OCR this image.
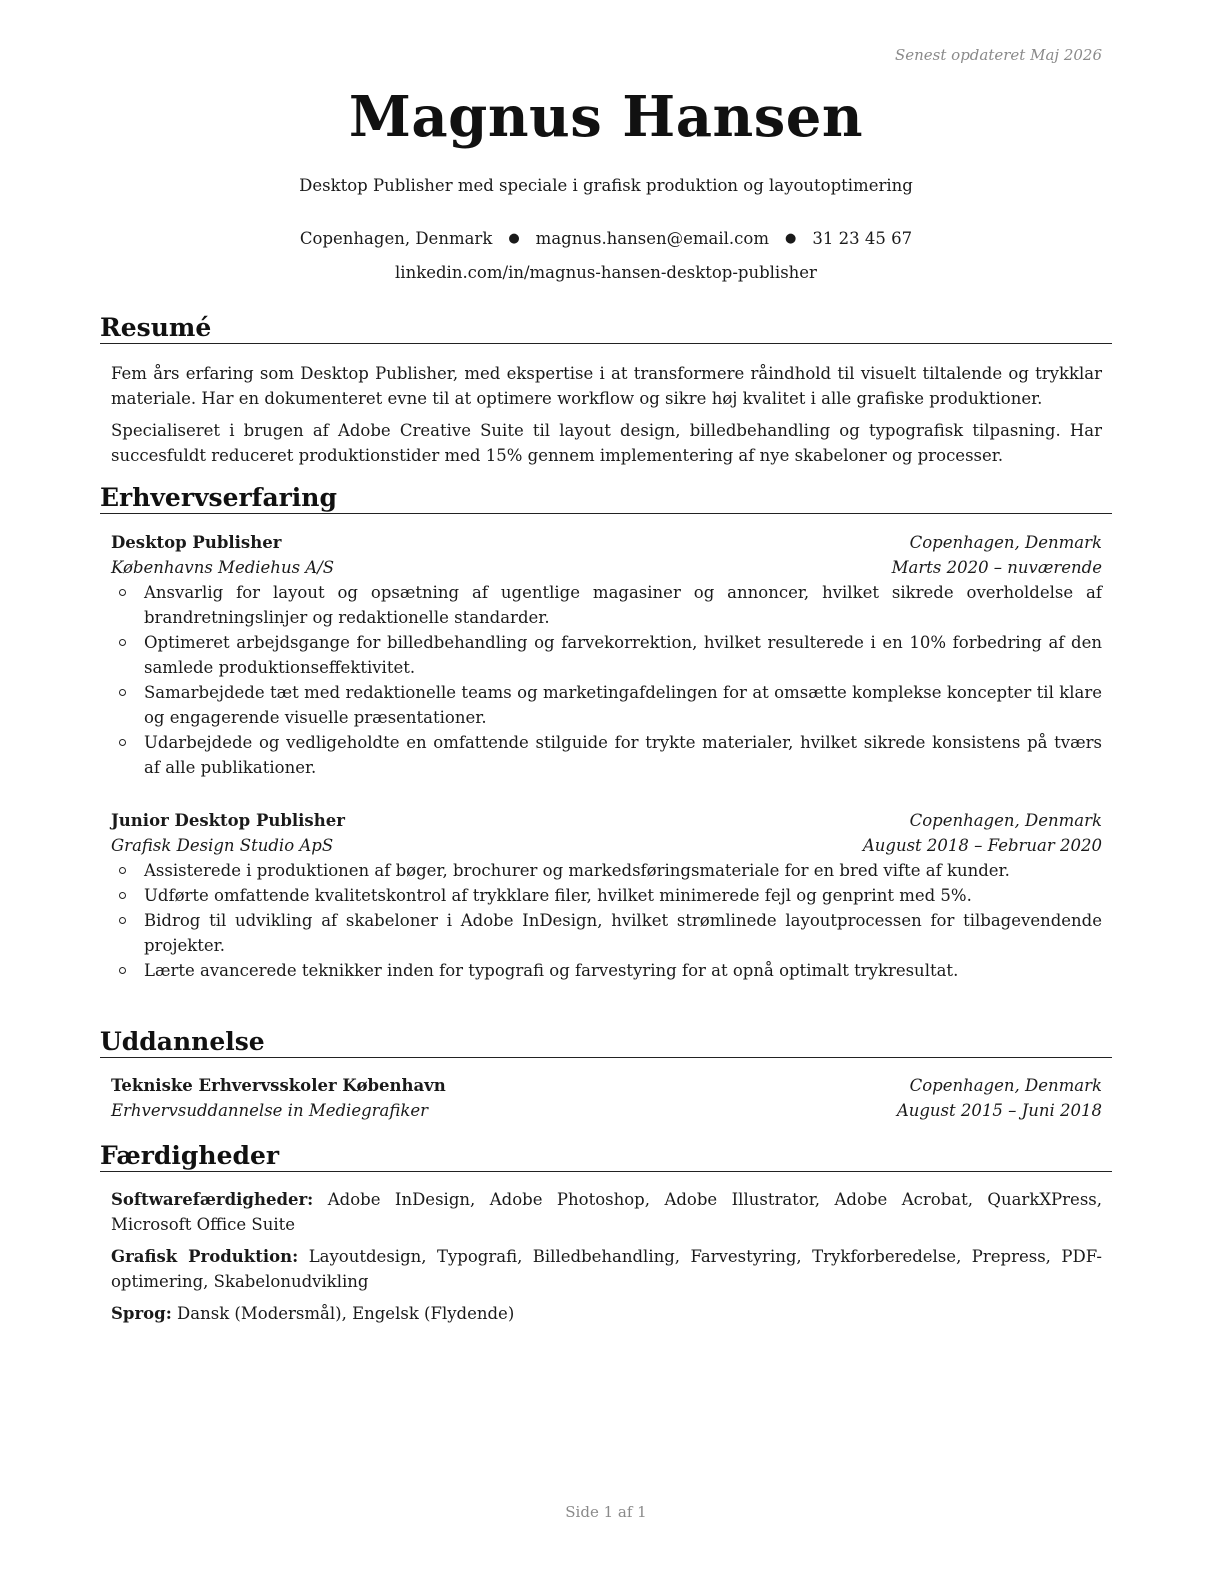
Senest opdateret Maj 2026
Magnus Hansen
Desktop Publisher med speciale i grafisk produktion og layoutoptimering
Copenhagen, Denmark ● magnus.hansen@email.com ● 31 23 45 67
linkedin.com/in/magnus-hansen-desktop-publisher
Resumé

Fem års erfaring som Desktop Publisher, med ekspertise i at transformere råindhold til visuelt tiltalende og trykklar materiale. Har en dokumenteret evne til at optimere workflow og sikre høj kvalitet i alle grafiske produktioner.

Specialiseret i brugen af Adobe Creative Suite til layout design, billedbehandling og typografisk tilpasning. Har succesfuldt reduceret produktionstider med 15% gennem implementering af nye skabeloner og processer.

Erhvervserfaring
Desktop Publisher	Copenhagen, Denmark
Københavns Mediehus A/S	Marts 2020 – nuværende
Ansvarlig for layout og opsætning af ugentlige magasiner og annoncer, hvilket sikrede overholdelse af brandretningslinjer og redaktionelle standarder.
Optimeret arbejdsgange for billedbehandling og farvekorrektion, hvilket resulterede i en 10% forbedring af den samlede produktionseffektivitet.
Samarbejdede tæt med redaktionelle teams og marketingafdelingen for at omsætte komplekse koncepter til klare og engagerende visuelle præsentationer.
Udarbejdede og vedligeholdte en omfattende stilguide for trykte materialer, hvilket sikrede konsistens på tværs af alle publikationer.
Junior Desktop Publisher	Copenhagen, Denmark
Grafisk Design Studio ApS	August 2018 – Februar 2020
Assisterede i produktionen af bøger, brochurer og markedsføringsmateriale for en bred vifte af kunder.
Udførte omfattende kvalitetskontrol af trykklare filer, hvilket minimerede fejl og genprint med 5%.
Bidrog til udvikling af skabeloner i Adobe InDesign, hvilket strømlinede layoutprocessen for tilbagevendende projekter.
Lærte avancerede teknikker inden for typografi og farvestyring for at opnå optimalt trykresultat.
Uddannelse
Tekniske Erhvervsskoler København	Copenhagen, Denmark
Erhvervsuddannelse in Mediegrafiker	August 2015 – Juni 2018
Færdigheder

Softwarefærdigheder: Adobe InDesign, Adobe Photoshop, Adobe Illustrator, Adobe Acrobat, QuarkXPress, Microsoft Office Suite

Grafisk Produktion: Layoutdesign, Typografi, Billedbehandling, Farvestyring, Trykforberedelse, Prepress, PDF-optimering, Skabelonudvikling

Sprog: Dansk (Modersmål), Engelsk (Flydende)

Side 1 af 1
